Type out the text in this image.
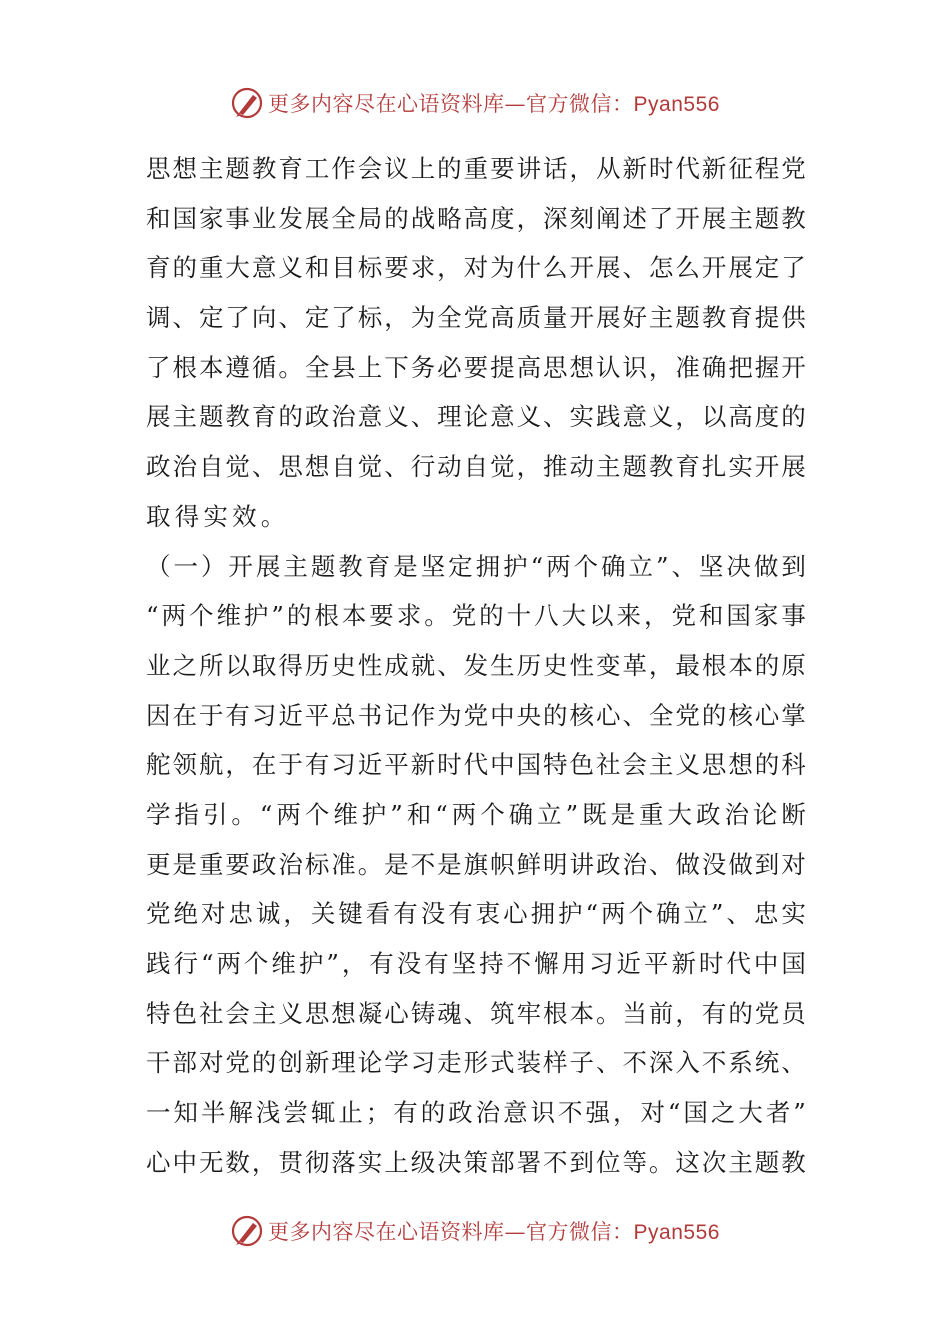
更多内容尽在心语资料库—官方微信：Pyan556
思 想 主 题 教 育 工 作 会 议 上 的 重 要 讲 话 ， 从 新 时 代 新 征 程 党
和 国 家 事 业 发 展 全 局 的 战 略 高 度 ， 深 刻 阐 述 了 开 展 主 题 教
育 的 重 大 意 义 和 目 标 要 求 ， 对 为 什 么 开 展 、 怎 么 开 展 定 了
调 、 定 了 向 、 定 了 标 ， 为 全 党 高 质 量 开 展 好 主 题 教 育 提 供
了 根 本 遵 循 。 全 县 上 下 务 必 要 提 高 思 想 认 识 ， 准 确 把 握 开
展 主 题 教 育 的 政 治 意 义 、 理 论 意 义 、 实 践 意 义 ， 以 高 度 的
政 治 自 觉 、 思 想 自 觉 、 行 动 自 觉 ， 推 动 主 题 教 育 扎 实 开 展
取得实效。
（ 一 ） 开 展 主 题 教 育 是 坚 定 拥 护 “ 两 个 确 立 ” 、 坚 决 做 到
“ 两 个 维 护 ” 的 根 本 要 求 。 党 的 十 八 大 以 来 ， 党 和 国 家 事
业 之 所 以 取 得 历 史 性 成 就 、 发 生 历 史 性 变 革 ， 最 根 本 的 原
因 在 于 有 习 近 平 总 书 记 作 为 党 中 央 的 核 心 、 全 党 的 核 心 掌
舵 领 航 ， 在 于 有 习 近 平 新 时 代 中 国 特 色 社 会 主 义 思 想 的 科
学 指 引 。 “ 两 个 维 护 ” 和 “ 两 个 确 立 ” 既 是 重 大 政 治 论 断
更 是 重 要 政 治 标 准 。 是 不 是 旗 帜 鲜 明 讲 政 治 、 做 没 做 到 对
党 绝 对 忠 诚 ， 关 键 看 有 没 有 衷 心 拥 护 “ 两 个 确 立 ” 、 忠 实
践 行 “ 两 个 维 护 ” ， 有 没 有 坚 持 不 懈 用 习 近 平 新 时 代 中 国
特 色 社 会 主 义 思 想 凝 心 铸 魂 、 筑 牢 根 本 。 当 前 ， 有 的 党 员
干 部 对 党 的 创 新 理 论 学 习 走 形 式 装 样 子 、 不 深 入 不 系 统 、
一 知 半 解 浅 尝 辄 止 ； 有 的 政 治 意 识 不 强 ， 对 “ 国 之 大 者 ”
心 中 无 数 ， 贯 彻 落 实 上 级 决 策 部 署 不 到 位 等 。 这 次 主 题 教
更多内容尽在心语资料库—官方微信：Pyan556
